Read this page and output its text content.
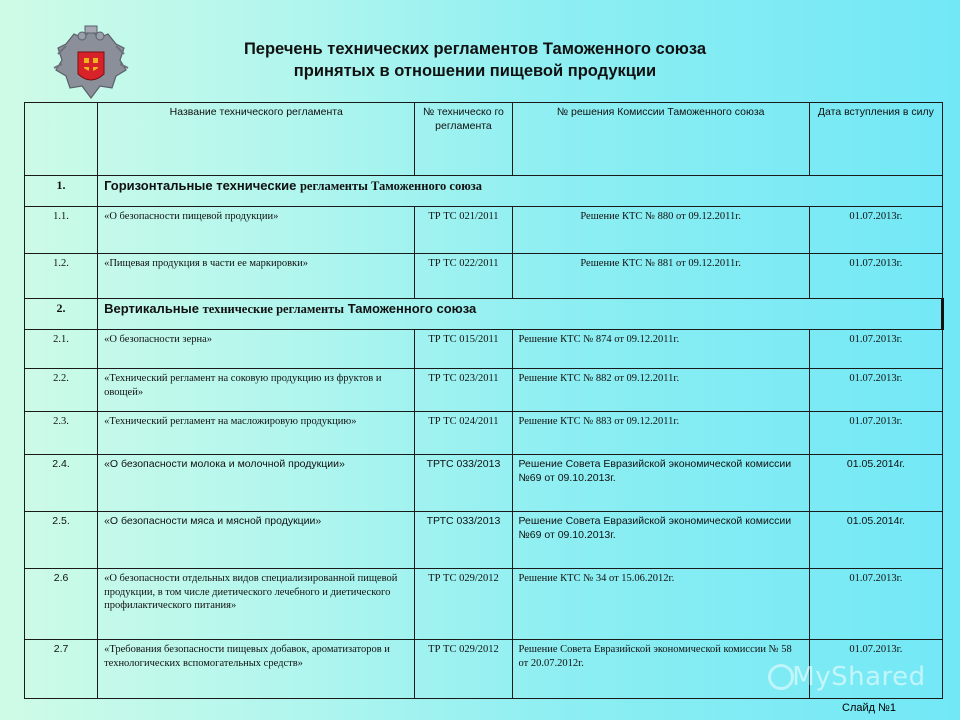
Перечень технических регламентов Таможенного союза
принятых в отношении пищевой продукции
	Название технического регламента	№ техническо го регламента	№ решения Комиссии Таможенного союза	Дата вступления в силу
1.	Горизонтальные технические регламенты Таможенного союза			
1.1.	«О безопасности пищевой продукции»	ТР ТС 021/2011	Решение КТС № 880 от 09.12.2011г.	01.07.2013г.
1.2.	«Пищевая продукция в части ее маркировки»	ТР ТС 022/2011	Решение КТС № 881 от 09.12.2011г.	01.07.2013г.
2.	Вертикальные технические регламенты Таможенного союза			
2.1.	«О безопасности зерна»	ТР ТС 015/2011	Решение КТС № 874 от 09.12.2011г.	01.07.2013г.
2.2.	«Технический регламент на соковую продукцию из фруктов и овощей»	ТР ТС 023/2011	Решение КТС № 882 от 09.12.2011г.	01.07.2013г.
2.3.	«Технический регламент на масложировую продукцию»	ТР ТС 024/2011	Решение КТС № 883 от 09.12.2011г.	01.07.2013г.
2.4.	«О безопасности молока и молочной продукции»	ТРТС 033/2013	Решение Совета Евразийской экономической комиссии №69 от 09.10.2013г.	01.05.2014г.
2.5.	«О безопасности мяса и мясной продукции»	ТРТС 033/2013	Решение Совета Евразийской экономической комиссии №69 от 09.10.2013г.	01.05.2014г.
2.6	«О безопасности отдельных видов специализированной пищевой продукции, в том числе диетического лечебного и диетического профилактического питания»	ТР ТС 029/2012	Решение КТС № 34 от 15.06.2012г.	01.07.2013г.
2.7	«Требования безопасности пищевых добавок, ароматизаторов и технологических вспомогательных средств»	ТР ТС 029/2012	Решение Совета Евразийской экономической комиссии № 58 от 20.07.2012г.	01.07.2013г.
MyShared
Слайд №1
